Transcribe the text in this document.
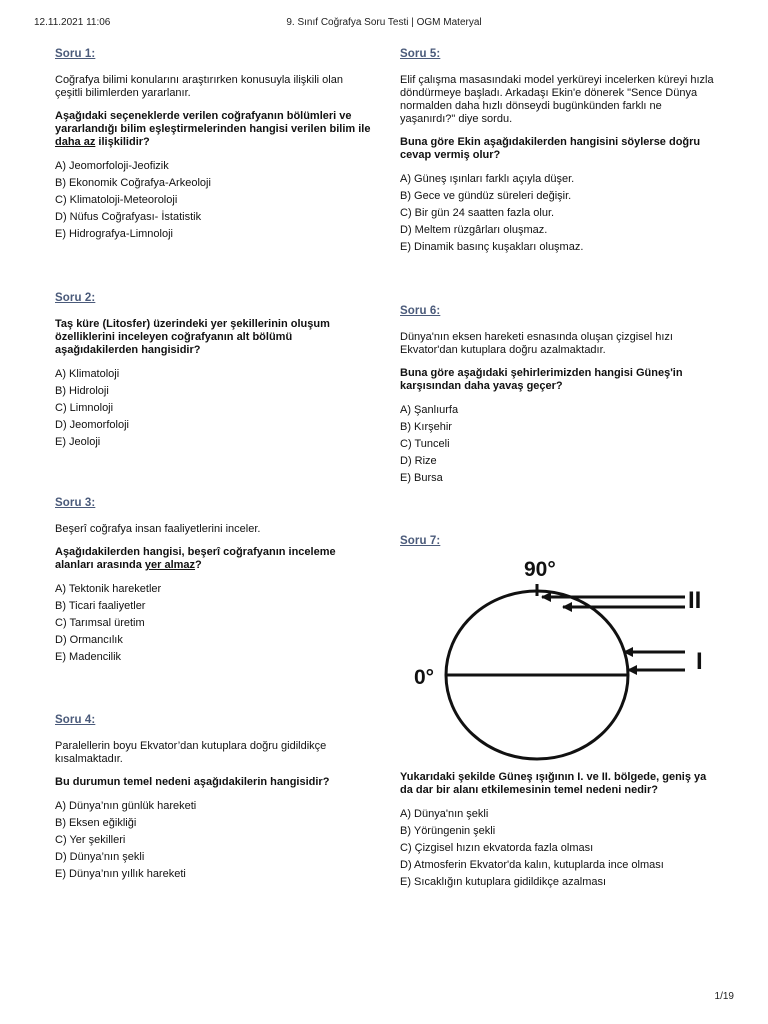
12.11.2021 11:06	9. Sınıf Coğrafya Soru Testi | OGM Materyal
Soru 1:
Coğrafya bilimi konularını araştırırken konusuyla ilişkili olan çeşitli bilimlerden yararlanır.
Aşağıdaki seçeneklerde verilen coğrafyanın bölümleri ve yararlandığı bilim eşleştirmelerinden hangisi verilen bilim ile daha az ilişkilidir?
A) Jeomorfoloji-Jeofizik
B) Ekonomik Coğrafya-Arkeoloji
C) Klimatoloji-Meteoroloji
D) Nüfus Coğrafyası- İstatistik
E) Hidrografya-Limnoloji
Soru 2:
Taş küre (Litosfer) üzerindeki yer şekillerinin oluşum özelliklerini inceleyen coğrafyanın alt bölümü aşağıdakilerden hangisidir?
A) Klimatoloji
B) Hidroloji
C) Limnoloji
D) Jeomorfoloji
E) Jeoloji
Soru 3:
Beşerî coğrafya insan faaliyetlerini inceler.
Aşağıdakilerden hangisi, beşerî coğrafyanın inceleme alanları arasında yer almaz?
A) Tektonik hareketler
B) Ticari faaliyetler
C) Tarımsal üretim
D) Ormancılık
E) Madencilik
Soru 4:
Paralellerin boyu Ekvator’dan kutuplara doğru gidildikçe kısalmaktadır.
Bu durumun temel nedeni aşağıdakilerin hangisidir?
A) Dünya’nın günlük hareketi
B) Eksen eğikliği
C) Yer şekilleri
D) Dünya’nın şekli
E) Dünya’nın yıllık hareketi
Soru 5:
Elif çalışma masasındaki model yerküreyi incelerken küreyi hızla döndürmeye başladı. Arkadaşı Ekin'e dönerek "Sence Dünya normalden daha hızlı dönseydi bugünkünden farklı ne yaşanırdı?" diye sordu.
Buna göre Ekin aşağıdakilerden hangisini söylerse doğru cevap vermiş olur?
A) Güneş ışınları farklı açıyla düşer.
B) Gece ve gündüz süreleri değişir.
C) Bir gün 24 saatten fazla olur.
D) Meltem rüzgârları oluşmaz.
E) Dinamik basınç kuşakları oluşmaz.
Soru 6:
Dünya'nın eksen hareketi esnasında oluşan çizgisel hızı Ekvator'dan kutuplara doğru azalmaktadır.
Buna göre aşağıdaki şehirlerimizden hangisi Güneş'in karşısından daha yavaş geçer?
A) Şanlıurfa
B) Kırşehir
C) Tunceli
D) Rize
E) Bursa
Soru 7:
90°
0°
II
I
Yukarıdaki şekilde Güneş ışığının I. ve II. bölgede, geniş ya da dar bir alanı etkilemesinin temel nedeni nedir?
A) Dünya'nın şekli
B) Yörüngenin şekli
C) Çizgisel hızın ekvatorda fazla olması
D) Atmosferin Ekvator'da kalın, kutuplarda ince olması
E) Sıcaklığın kutuplara gidildikçe azalması
1/19
